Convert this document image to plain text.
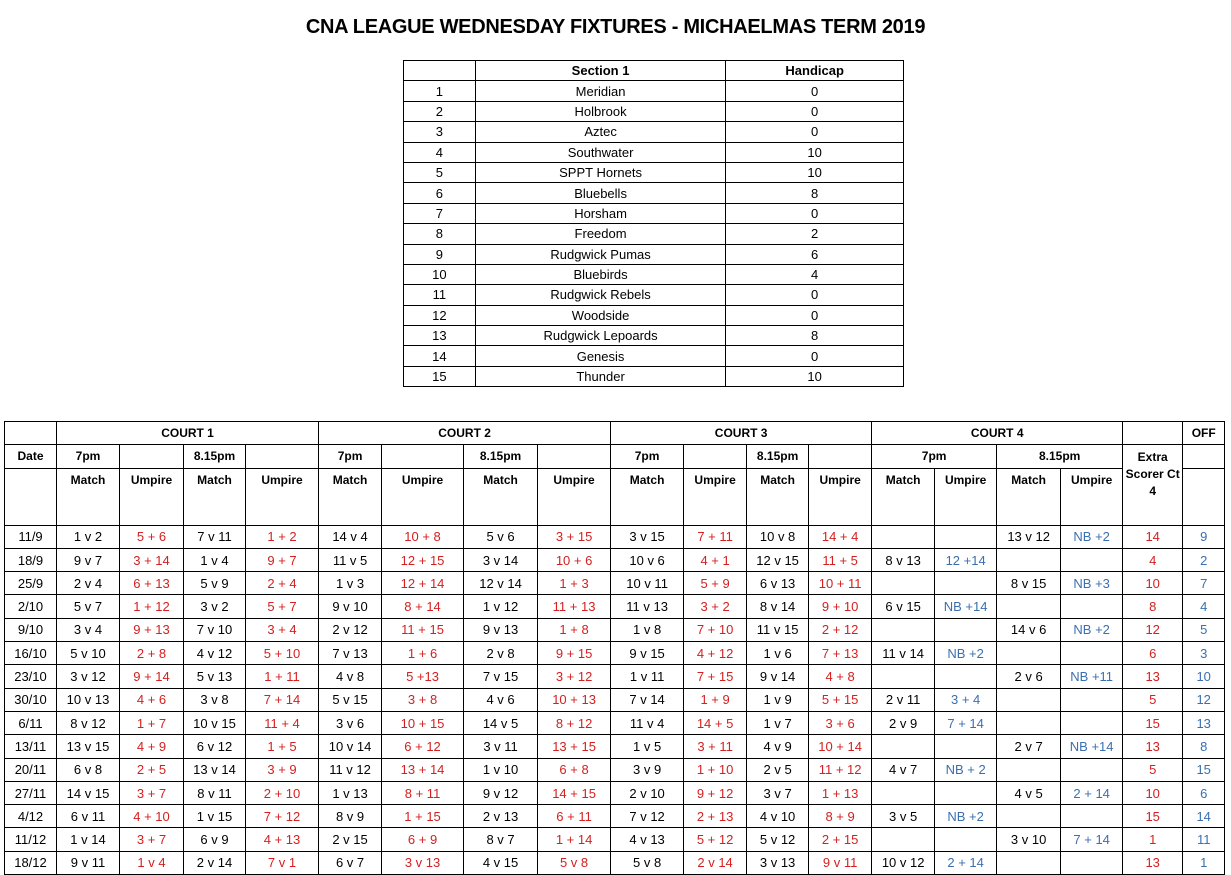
CNA LEAGUE WEDNESDAY FIXTURES - MICHAELMAS TERM 2019
	Section 1	Handicap
1	Meridian	0
2	Holbrook	0
3	Aztec	0
4	Southwater	10
5	SPPT Hornets	10
6	Bluebells	8
7	Horsham	0
8	Freedom	2
9	Rudgwick Pumas	6
10	Bluebirds	4
11	Rudgwick Rebels	0
12	Woodside	0
13	Rudgwick Lepoards	8
14	Genesis	0
15	Thunder	10
	COURT 1				COURT 2				COURT 3				COURT 4					OFF
Date	7pm		8.15pm		7pm		8.15pm		7pm		8.15pm		7pm		8.15pm		Extra Scorer Ct 4	
	Match	Umpire	Match	Umpire	Match	Umpire	Match	Umpire	Match	Umpire	Match	Umpire	Match	Umpire	Match	Umpire		
11/9	1 v 2	5 + 6	7 v 11	1 + 2	14 v 4	10 + 8	5 v 6	3 + 15	3 v 15	7 + 11	10 v 8	14 + 4			13 v 12	NB +2	14	9
18/9	9 v 7	3 + 14	1 v 4	9 + 7	11 v 5	12 + 15	3 v 14	10 + 6	10 v 6	4 + 1	12 v 15	11 + 5	8 v 13	12 +14			4	2
25/9	2 v 4	6 + 13	5 v 9	2 + 4	1 v 3	12 + 14	12 v 14	1 + 3	10 v 11	5 + 9	6 v 13	10 + 11			8 v 15	NB +3	10	7
2/10	5 v 7	1 + 12	3 v 2	5 + 7	9 v 10	8 + 14	1 v 12	11 + 13	11 v 13	3 + 2	8 v 14	9 + 10	6 v 15	NB +14			8	4
9/10	3 v 4	9 + 13	7 v 10	3 + 4	2 v 12	11 + 15	9 v 13	1 + 8	1 v 8	7 + 10	11 v 15	2 + 12			14 v 6	NB +2	12	5
16/10	5 v 10	2 + 8	4 v 12	5 + 10	7 v 13	1 + 6	2 v 8	9 + 15	9 v 15	4 + 12	1 v 6	7 + 13	11 v 14	NB +2			6	3
23/10	3 v 12	9 + 14	5 v 13	1 + 11	4 v 8	5 +13	7 v 15	3 + 12	1 v 11	7 + 15	9 v 14	4 + 8			2 v 6	NB +11	13	10
30/10	10 v 13	4 + 6	3 v 8	7 + 14	5 v 15	3 + 8	4 v 6	10 + 13	7 v 14	1 + 9	1 v 9	5 + 15	2 v 11	3 + 4			5	12
6/11	8 v 12	1 + 7	10 v 15	11 + 4	3 v 6	10 + 15	14 v 5	8 + 12	11 v 4	14 + 5	1 v 7	3 + 6	2 v 9	7 + 14			15	13
13/11	13 v 15	4 + 9	6 v 12	1 + 5	10 v 14	6 + 12	3 v 11	13 + 15	1 v 5	3 + 11	4 v 9	10 + 14			2 v 7	NB +14	13	8
20/11	6 v 8	2 + 5	13 v 14	3 + 9	11 v 12	13 + 14	1 v 10	6 + 8	3 v 9	1 + 10	2 v 5	11 + 12	4 v 7	NB + 2			5	15
27/11	14 v 15	3 + 7	8 v 11	2 + 10	1 v 13	8 + 11	9 v 12	14 + 15	2 v 10	9 + 12	3 v 7	1 + 13			4 v 5	2 + 14	10	6
4/12	6 v 11	4 + 10	1 v 15	7 + 12	8 v 9	1 + 15	2 v 13	6 + 11	7 v 12	2 + 13	4 v 10	8 + 9	3 v 5	NB +2			15	14
11/12	1 v 14	3 + 7	6 v 9	4 + 13	2 v 15	6 + 9	8 v 7	1 + 14	4 v 13	5 + 12	5 v 12	2 + 15			3 v 10	7 + 14	1	11
18/12	9 v 11	1 v 4	2 v 14	7 v 1	6 v 7	3 v 13	4 v 15	5 v 8	5 v 8	2 v 14	3 v 13	9 v 11	10 v 12	2 + 14			13	1
